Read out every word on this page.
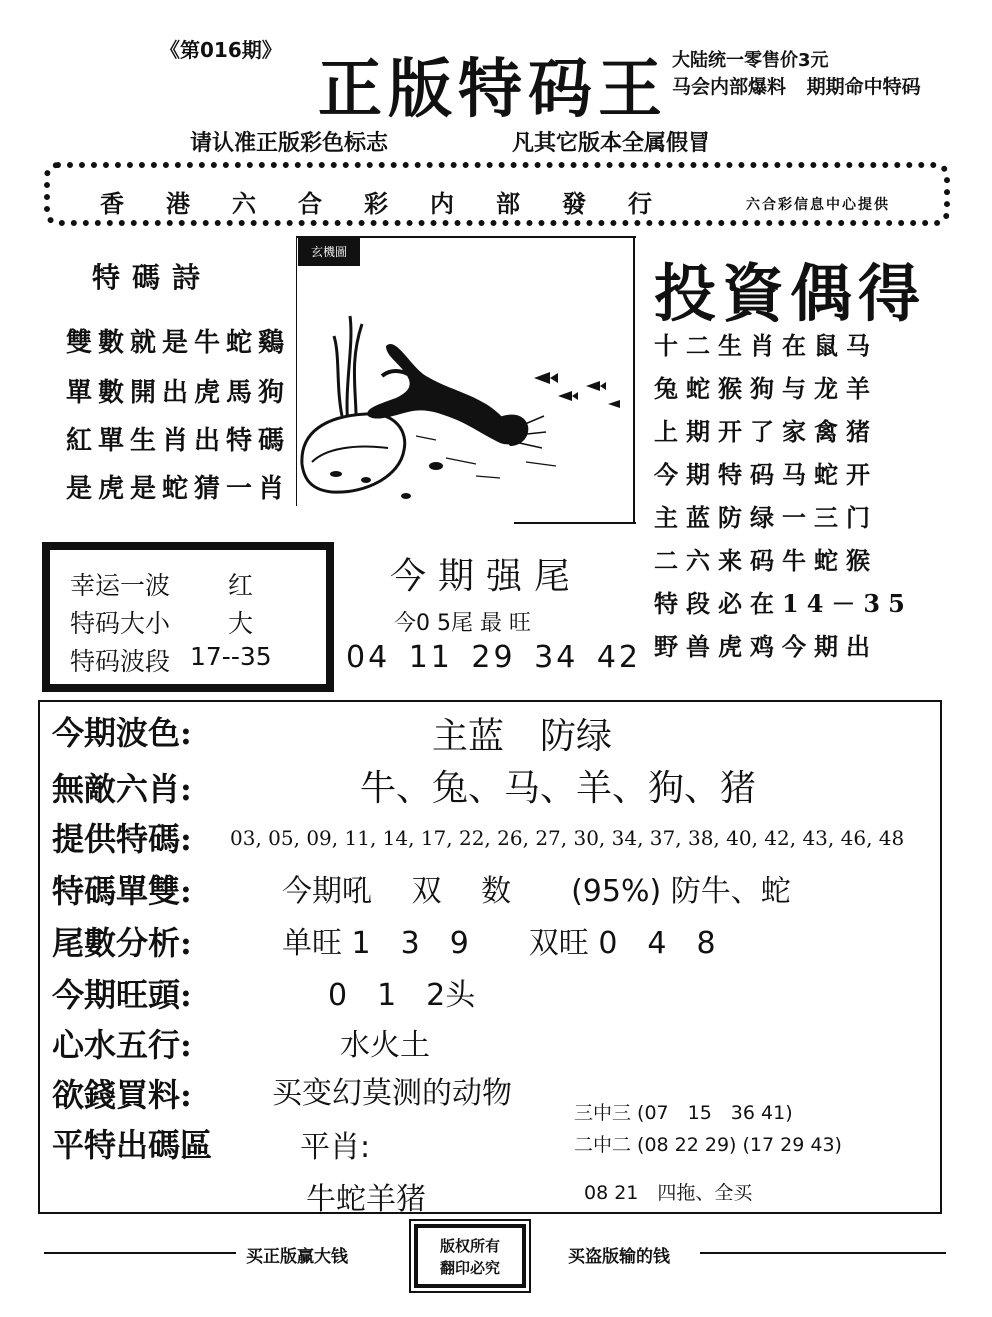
《第016期》
正版特码王 大陆统一零售价3元
马会内部爆料 期期命中特码
请认准正版彩色标志	凡其它版本全属假冒
香港六合彩内部發行	六合彩信息中心提供
特碼詩
雙數就是牛蛇鷄
單數開出虎馬狗
紅單生肖出特碼
是虎是蛇猜一肖
玄機圖
投資偶得
十二生肖在鼠马
兔蛇猴狗与龙羊
上期开了家禽猪
今期特码马蛇开
主蓝防绿一三门
二六来码牛蛇猴
特段必在14－35
野兽虎鸡今期出
幸运一波 红
特码大小 大
特码波段 17--35
今期强尾
今0 5尾 最 旺
04 11 29 34 42
今期波色:	主蓝　防绿
無敵六肖:	牛、兔、马、羊、狗、猪
提供特碼: 03, 05, 09, 11, 14, 17, 22, 26, 27, 30, 34, 37, 38, 40, 42, 43, 46, 48
特碼單雙:	今期吼　 双　 数　　(95%) 防牛、蛇
尾數分析:	单旺 1　3　9　　双旺 0　4　8
今期旺頭:	0　1　2头
心水五行:	水火土
欲錢買料:	买变幻莫测的动物
平特出碼區	平肖:
牛蛇羊猪
三中三 (07　15　36 41)
二中二 (08 22 29) (17 29 43)
08 21　四拖、全买
买正版赢大钱	买盗版输的钱
版权所有
翻印必究
